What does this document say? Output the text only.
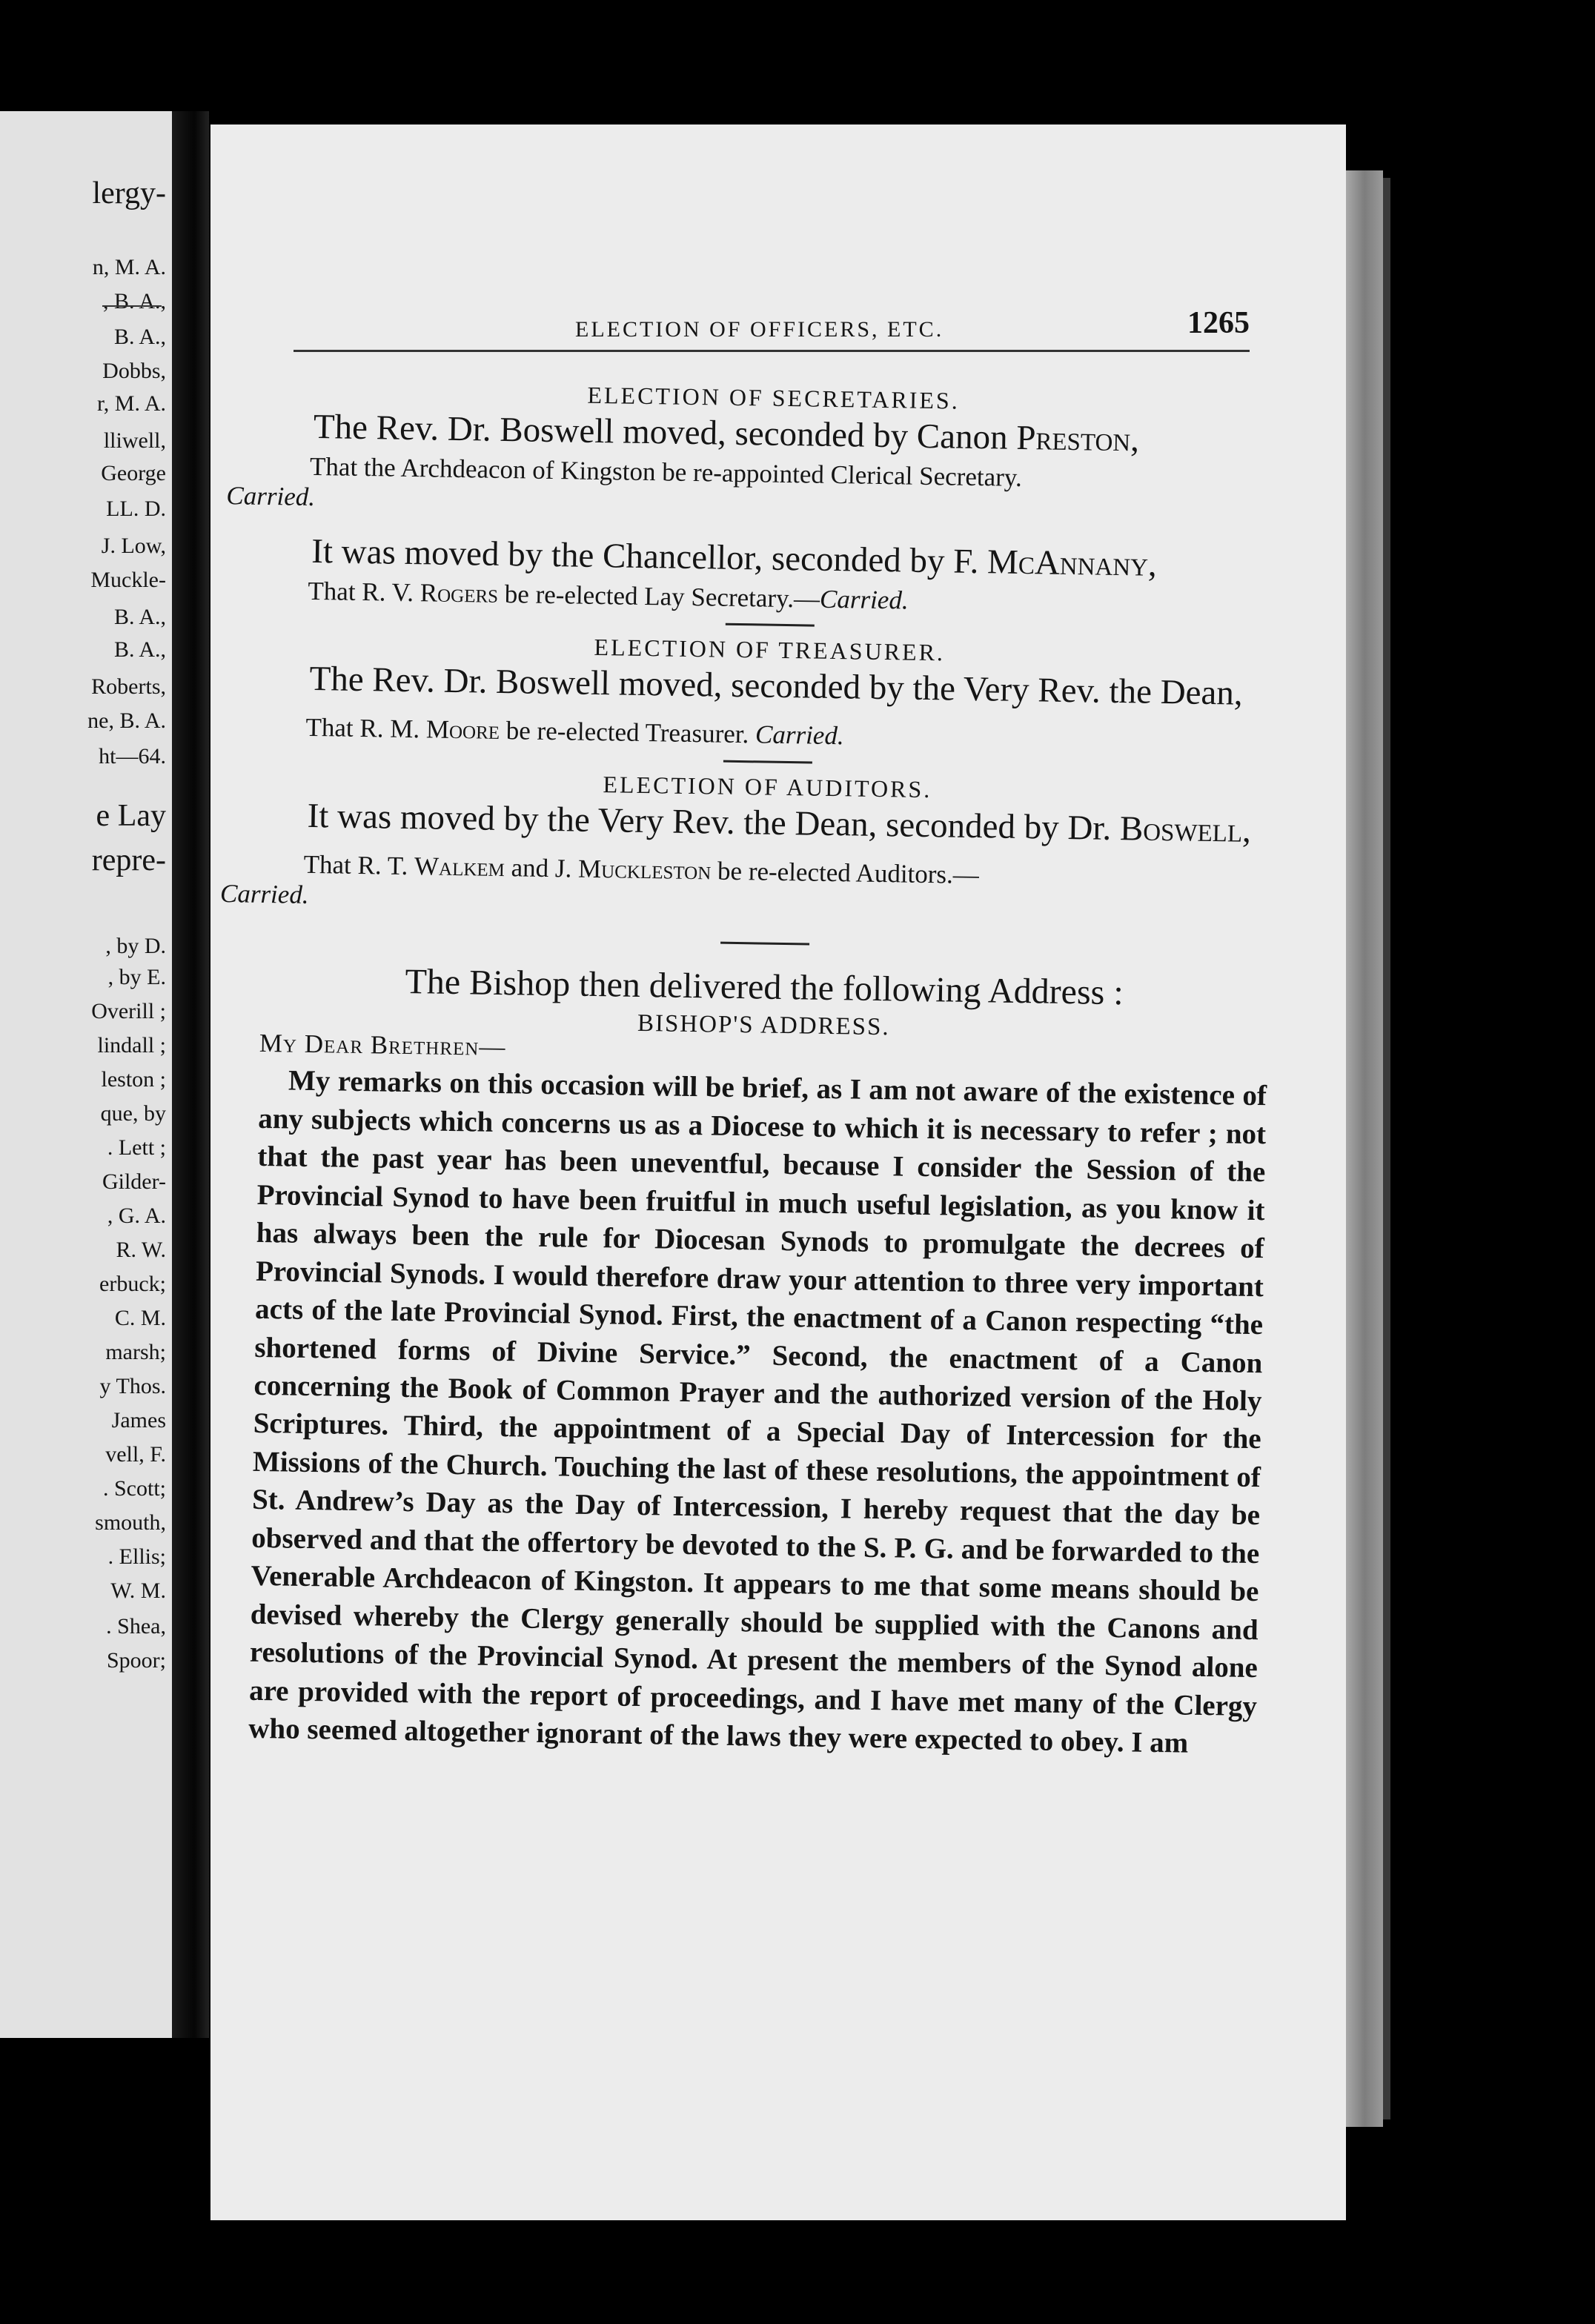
lergy-
n, M. A.
, B. A.,
B. A.,
Dobbs,
r, M. A.
lliwell,
George
LL. D.
J. Low,
Muckle-
B. A.,
B. A.,
Roberts,
ne, B. A.
ht—64.
e Lay
repre-
, by D.
, by E.
Overill ;
lindall ;
leston ;
que, by
. Lett ;
Gilder-
, G. A.
R. W.
erbuck;
C. M.
marsh;
y Thos.
James
vell, F.
. Scott;
smouth,
. Ellis;
W. M.
. Shea,
Spoor;
ELECTION OF OFFICERS, ETC.	1265

ELECTION OF SECRETARIES.

The Rev. Dr. Boswell moved, seconded by Canon Preston,

That the Archdeacon of Kingston be re-appointed Clerical Secretary.
Carried.

It was moved by the Chancellor, seconded by F. McAnnany,

That R. V. Rogers be re-elected Lay Secretary.—Carried.

ELECTION OF TREASURER.

The Rev. Dr. Boswell moved, seconded by the Very Rev. the Dean,

That R. M. Moore be re-elected Treasurer. Carried.

ELECTION OF AUDITORS.

It was moved by the Very Rev. the Dean, seconded by Dr. Boswell,

That R. T. Walkem and J. Muckleston be re-elected Auditors.—
Carried.

The Bishop then delivered the following Address :

BISHOP'S ADDRESS.

My Dear Brethren—

My remarks on this occasion will be brief, as I am not aware of the existence of any subjects which concerns us as a Diocese to which it is necessary to refer ; not that the past year has been uneventful, because I consider the Session of the Provincial Synod to have been fruitful in much useful legislation, as you know it has always been the rule for Diocesan Synods to promulgate the decrees of Provincial Synods. I would therefore draw your attention to three very important acts of the late Provincial Synod. First, the enactment of a Canon respecting “the shortened forms of Divine Service.” Second, the enactment of a Canon concerning the Book of Common Prayer and the authorized version of the Holy Scriptures. Third, the appointment of a Special Day of Intercession for the Missions of the Church. Touching the last of these resolutions, the appointment of St. Andrew’s Day as the Day of Intercession, I hereby request that the day be observed and that the offertory be devoted to the S. P. G. and be forwarded to the Venerable Archdeacon of Kingston. It appears to me that some means should be devised whereby the Clergy generally should be supplied with the Canons and resolutions of the Provincial Synod. At present the members of the Synod alone are provided with the report of proceedings, and I have met many of the Clergy who seemed altogether ignorant of the laws they were expected to obey. I am
